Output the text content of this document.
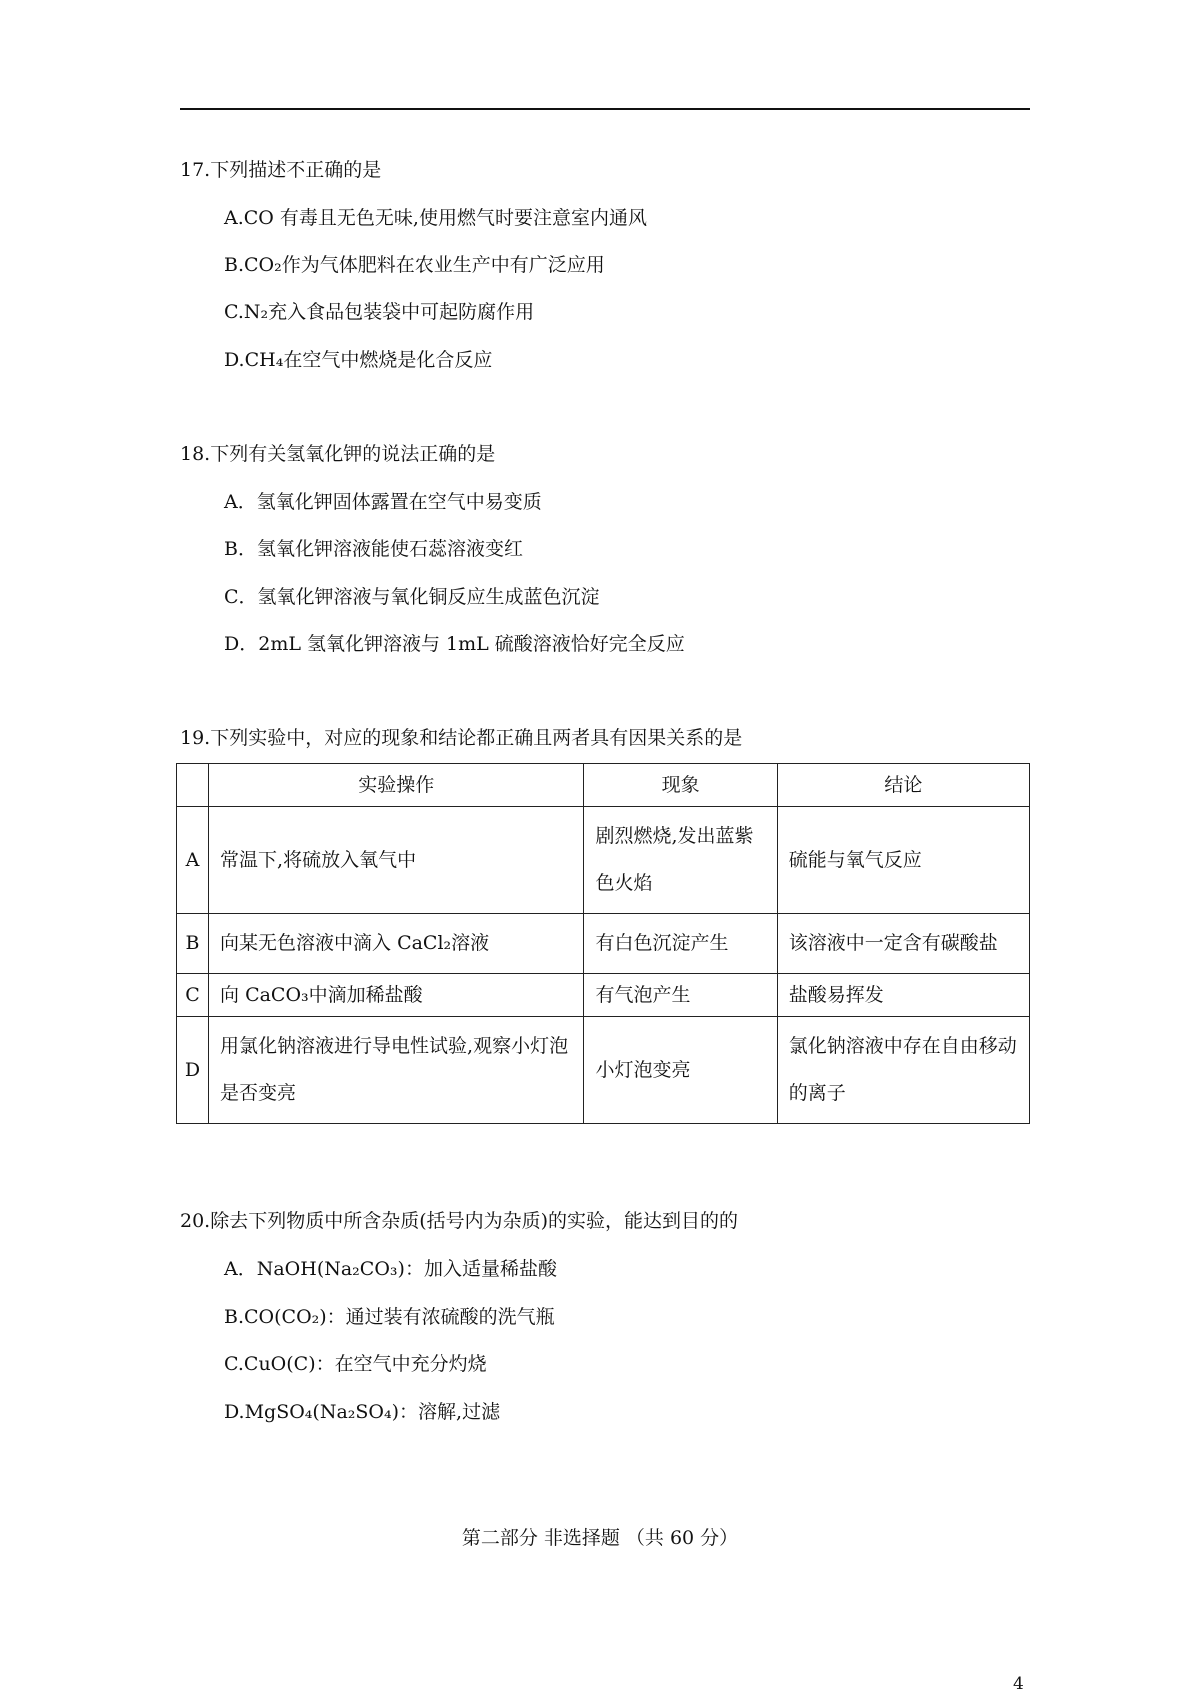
17.下列描述不正确的是
A.CO 有毒且无色无味,使用燃气时要注意室内通风
B.CO₂作为气体肥料在农业生产中有广泛应用
C.N₂充入食品包装袋中可起防腐作用
D.CH₄在空气中燃烧是化合反应
18.下列有关氢氧化钾的说法正确的是
A．氢氧化钾固体露置在空气中易变质
B．氢氧化钾溶液能使石蕊溶液变红
C．氢氧化钾溶液与氧化铜反应生成蓝色沉淀
D．2mL 氢氧化钾溶液与 1mL 硫酸溶液恰好完全反应
19.下列实验中，对应的现象和结论都正确且两者具有因果关系的是
	实验操作	现象	结论
A	常温下,将硫放入氧气中	剧烈燃烧,发出蓝紫色火焰	硫能与氧气反应
B	向某无色溶液中滴入 CaCl₂溶液	有白色沉淀产生	该溶液中一定含有碳酸盐
C	向 CaCO₃中滴加稀盐酸	有气泡产生	盐酸易挥发
D	用氯化钠溶液进行导电性试验,观察小灯泡是否变亮	小灯泡变亮	氯化钠溶液中存在自由移动的离子
20.除去下列物质中所含杂质(括号内为杂质)的实验，能达到目的的
A．NaOH(Na₂CO₃)：加入适量稀盐酸
B.CO(CO₂)：通过装有浓硫酸的洗气瓶
C.CuO(C)：在空气中充分灼烧
D.MgSO₄(Na₂SO₄)：溶解,过滤
第二部分 非选择题 （共 60 分）
4
